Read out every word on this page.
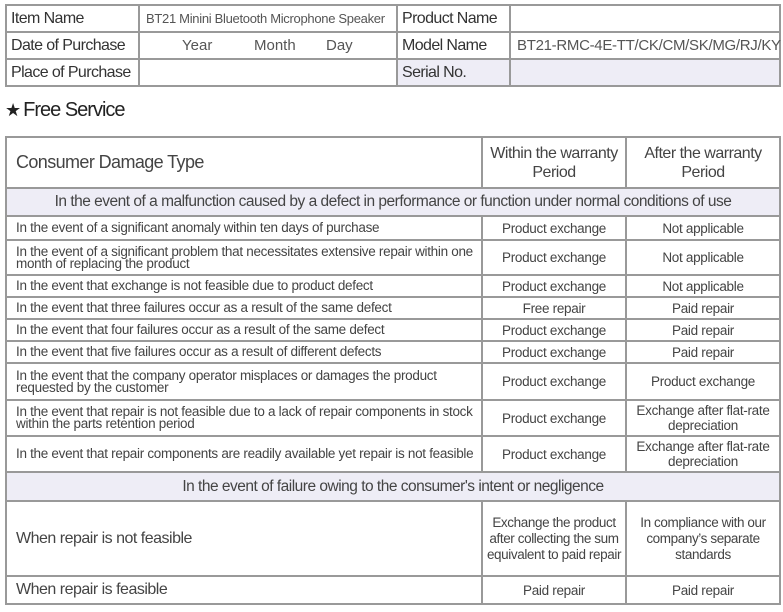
Item Name	BT21 Minini Bluetooth Microphone Speaker	Product Name	
Date of Purchase	Year Month Day	Model Name	BT21-RMC-4E-TT/CK/CM/SK/MG/RJ/KY
Place of Purchase		Serial No.	
★ Free Service
Consumer Damage Type	Within the warranty Period	After the warranty Period
In the event of a malfunction caused by a defect in performance or function under normal conditions of use		
In the event of a significant anomaly within ten days of purchase	Product exchange	Not applicable
In the event of a significant problem that necessitates extensive repair within one month of replacing the product	Product exchange	Not applicable
In the event that exchange is not feasible due to product defect	Product exchange	Not applicable
In the event that three failures occur as a result of the same defect	Free repair	Paid repair
In the event that four failures occur as a result of the same defect	Product exchange	Paid repair
In the event that five failures occur as a result of different defects	Product exchange	Paid repair
In the event that the company operator misplaces or damages the product requested by the customer	Product exchange	Product exchange
In the event that repair is not feasible due to a lack of repair components in stock within the parts retention period	Product exchange	Exchange after flat-rate depreciation
In the event that repair components are readily available yet repair is not feasible	Product exchange	Exchange after flat-rate depreciation
In the event of failure owing to the consumer's intent or negligence		
When repair is not feasible	Exchange the product after collecting the sum equivalent to paid repair	In compliance with our company’s separate standards
When repair is feasible	Paid repair	Paid repair
